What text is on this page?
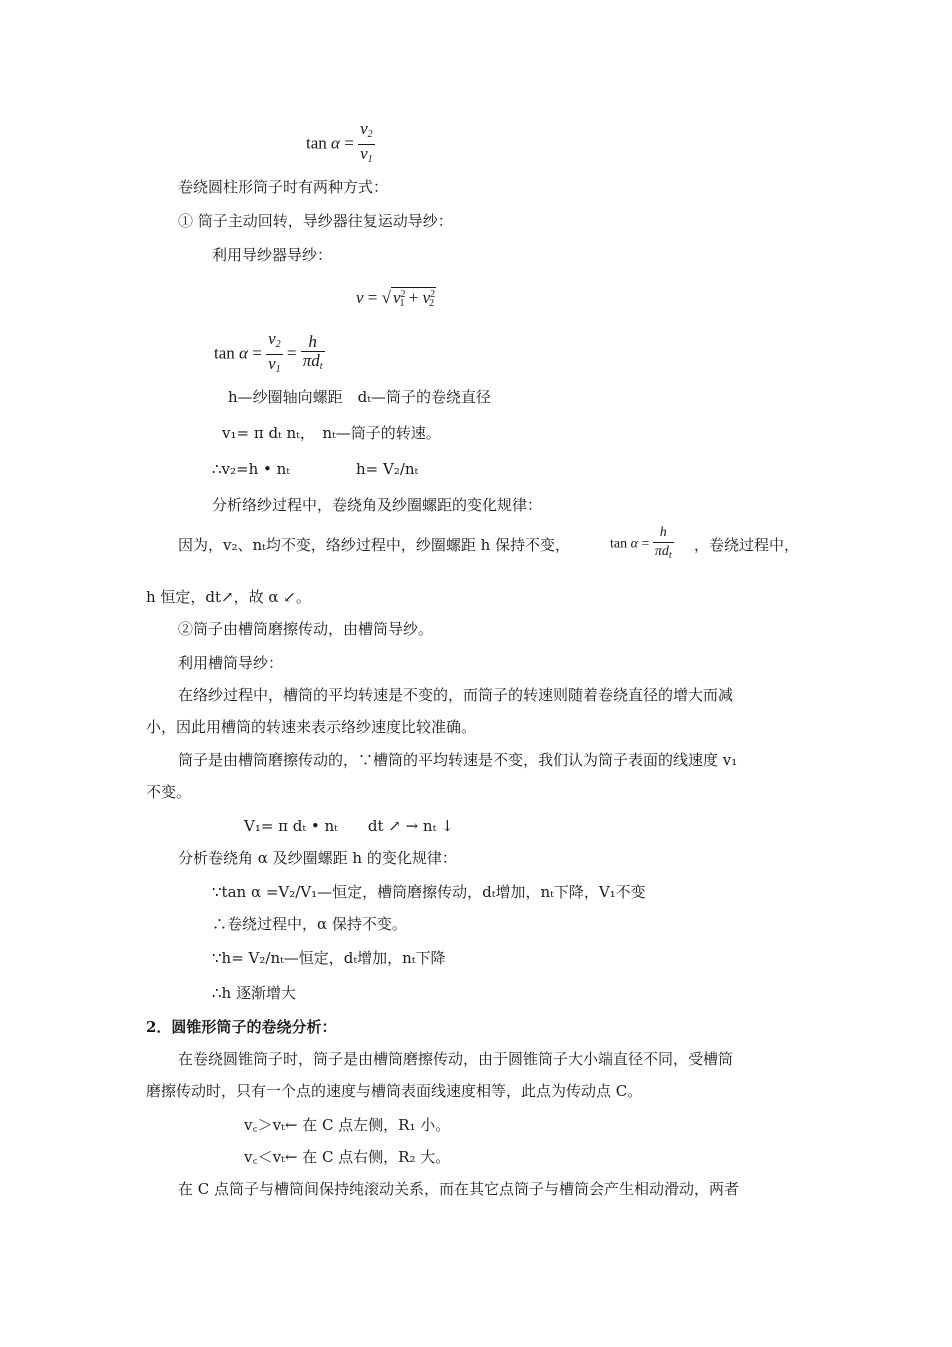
$\tan \alpha = \frac{v_2}{v_1}$
卷绕圆柱形筒子时有两种方式：
① 筒子主动回转，导纱器往复运动导纱：
利用导纱器导纱：
v = √ $v^2_1 + v^2_2$
$\tan \alpha = \frac{v_2}{v_1} = \frac{h}{\pi d_t}$
h—纱圈轴向螺距　dₜ—筒子的卷绕直径
v₁= π dₜ nₜ，　nₜ—筒子的转速。
∴v₂=h • nₜ	h= V₂/nₜ
分析络纱过程中，卷绕角及纱圈螺距的变化规律：
因为，v₂、nₜ均不变，络纱过程中，纱圈螺距 h 保持不变，	$\tan \alpha = \frac{h}{\pi d_t}$ ，卷绕过程中，
h 恒定，dt↗，故 α ↙。
②筒子由槽筒磨擦传动，由槽筒导纱。
利用槽筒导纱：
在络纱过程中，槽筒的平均转速是不变的，而筒子的转速则随着卷绕直径的增大而减
小，因此用槽筒的转速来表示络纱速度比较准确。
筒子是由槽筒磨擦传动的，∵槽筒的平均转速是不变，我们认为筒子表面的线速度 v₁
不变。
V₁= π dₜ • nₜ　　dt ↗ → nₜ ↓
分析卷绕角 α 及纱圈螺距 h 的变化规律：
∵tan α =V₂/V₁—恒定，槽筒磨擦传动，dₜ增加，nₜ下降，V₁不变
∴卷绕过程中，α 保持不变。
∵h= V₂/nₜ—恒定，dₜ增加，nₜ下降
∴h 逐渐增大
2．圆锥形筒子的卷绕分析：
在卷绕圆锥筒子时，筒子是由槽筒磨擦传动，由于圆锥筒子大小端直径不同，受槽筒
磨擦传动时，只有一个点的速度与槽筒表面线速度相等，此点为传动点 C。
v꜀＞vₜ← 在 C 点左侧，R₁ 小。
v꜀＜vₜ← 在 C 点右侧，R₂ 大。
在 C 点筒子与槽筒间保持纯滚动关系，而在其它点筒子与槽筒会产生相动滑动，两者
